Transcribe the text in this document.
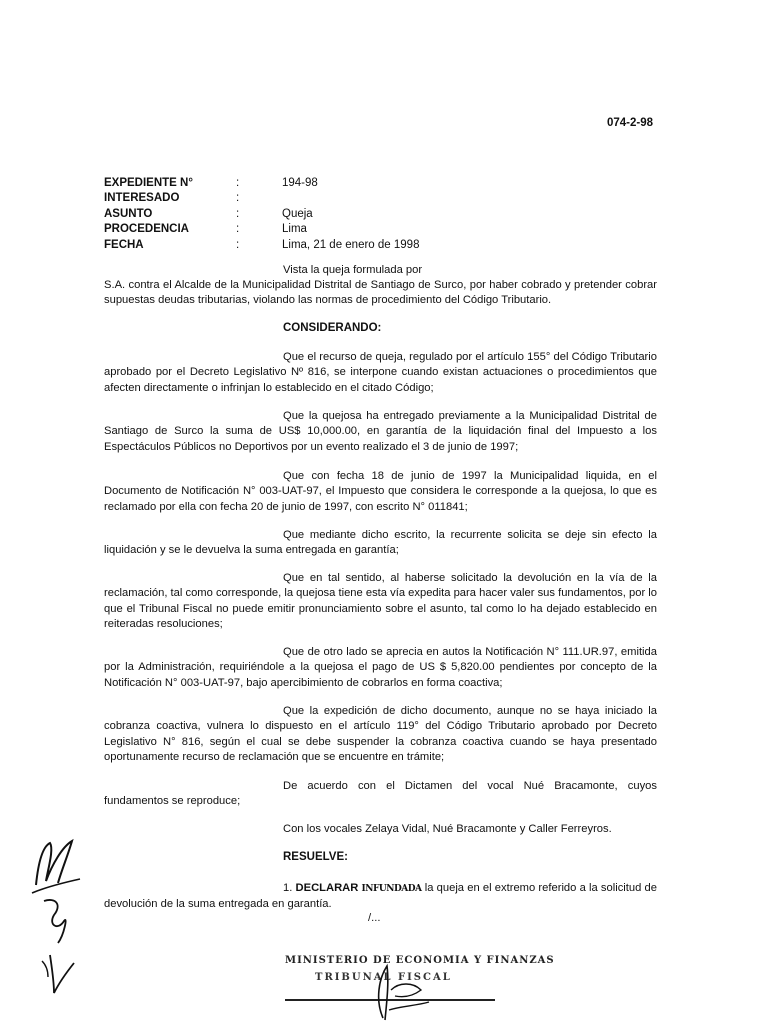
074-2-98
EXPEDIENTE N°	:	194-98
INTERESADO	:
ASUNTO	:	Queja
PROCEDENCIA	:	Lima
FECHA	:	Lima, 21 de enero de 1998
Vista la queja formulada por
S.A. contra el Alcalde de la Municipalidad Distrital de Santiago de Surco, por haber cobrado y pretender cobrar supuestas deudas tributarias, violando las normas de procedimiento del Código Tributario.
CONSIDERANDO:
Que el recurso de queja, regulado por el artículo 155° del Código Tributario aprobado por el Decreto Legislativo Nº 816, se interpone cuando existan actuaciones o procedimientos que afecten directamente o infrinjan lo establecido en el citado Código;
Que la quejosa ha entregado previamente a la Municipalidad Distrital de Santiago de Surco la suma de US$ 10,000.00, en garantía de la liquidación final del Impuesto a los Espectáculos Públicos no Deportivos por un evento realizado el 3 de junio de 1997;
Que con fecha 18 de junio de 1997 la Municipalidad liquida, en el Documento de Notificación N° 003-UAT-97, el Impuesto que considera le corresponde a la quejosa, lo que es reclamado por ella con fecha 20 de junio de 1997, con escrito N° 011841;
Que mediante dicho escrito, la recurrente solicita se deje sin efecto la liquidación y se le devuelva la suma entregada en garantía;
Que en tal sentido, al haberse solicitado la devolución en la vía de la reclamación, tal como corresponde, la quejosa tiene esta vía expedita para hacer valer sus fundamentos, por lo que el Tribunal Fiscal no puede emitir pronunciamiento sobre el asunto, tal como lo ha dejado establecido en reiteradas resoluciones;
Que de otro lado se aprecia en autos la Notificación N° 111.UR.97, emitida por la Administración, requiriéndole a la quejosa el pago de US $ 5,820.00 pendientes por concepto de la Notificación N° 003-UAT-97, bajo apercibimiento de cobrarlos en forma coactiva;
Que la expedición de dicho documento, aunque no se haya iniciado la cobranza coactiva, vulnera lo dispuesto en el artículo 119° del Código Tributario aprobado por Decreto Legislativo N° 816, según el cual se debe suspender la cobranza coactiva cuando se haya presentado oportunamente recurso de reclamación que se encuentre en trámite;
De acuerdo con el Dictamen del vocal Nué Bracamonte, cuyos fundamentos se reproduce;
Con los vocales Zelaya Vidal, Nué Bracamonte y Caller Ferreyros.
RESUELVE:
1. DECLARAR INFUNDADA la queja en el extremo referido a la solicitud de devolución de la suma entregada en garantía.
/...
MINISTERIO DE ECONOMIA Y FINANZAS
TRIBUNAL FISCAL
